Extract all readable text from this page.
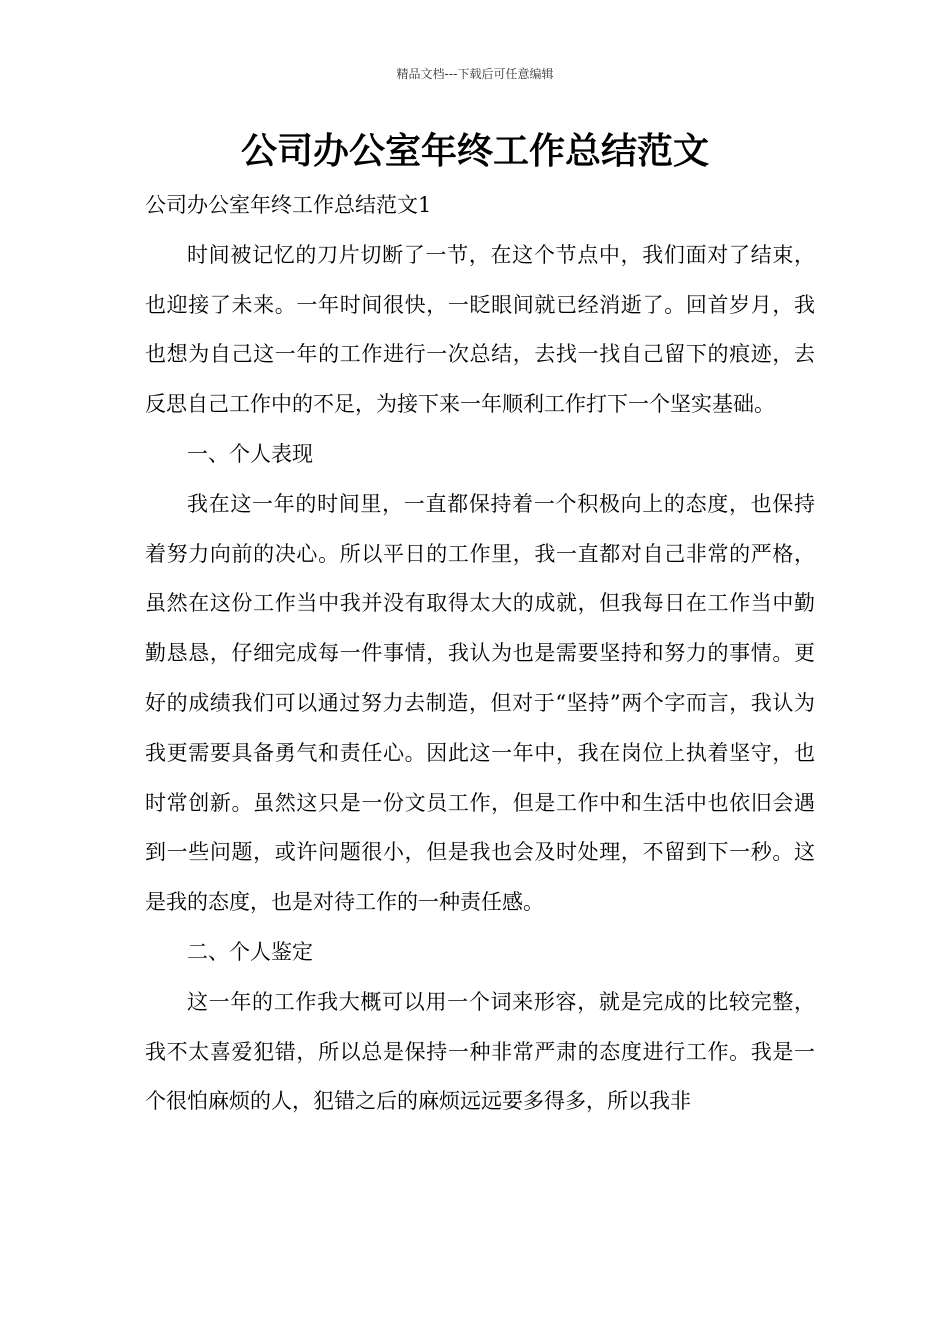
精品文档---下载后可任意编辑
公司办公室年终工作总结范文

公司办公室年终工作总结范文1

时间被记忆的刀片切断了一节，在这个节点中，我们面对了结束，也迎接了未来。一年时间很快，一眨眼间就已经消逝了。回首岁月，我也想为自己这一年的工作进行一次总结，去找一找自己留下的痕迹，去反思自己工作中的不足，为接下来一年顺利工作打下一个坚实基础。

一、个人表现

我在这一年的时间里，一直都保持着一个积极向上的态度，也保持着努力向前的决心。所以平日的工作里，我一直都对自己非常的严格，虽然在这份工作当中我并没有取得太大的成就，但我每日在工作当中勤勤恳恳，仔细完成每一件事情，我认为也是需要坚持和努力的事情。更好的成绩我们可以通过努力去制造，但对于“坚持”两个字而言，我认为我更需要具备勇气和责任心。因此这一年中，我在岗位上执着坚守，也时常创新。虽然这只是一份文员工作，但是工作中和生活中也依旧会遇到一些问题，或许问题很小，但是我也会及时处理，不留到下一秒。这是我的态度，也是对待工作的一种责任感。

二、个人鉴定

这一年的工作我大概可以用一个词来形容，就是完成的比较完整，我不太喜爱犯错，所以总是保持一种非常严肃的态度进行工作。我是一个很怕麻烦的人，犯错之后的麻烦远远要多得多，所以我非
